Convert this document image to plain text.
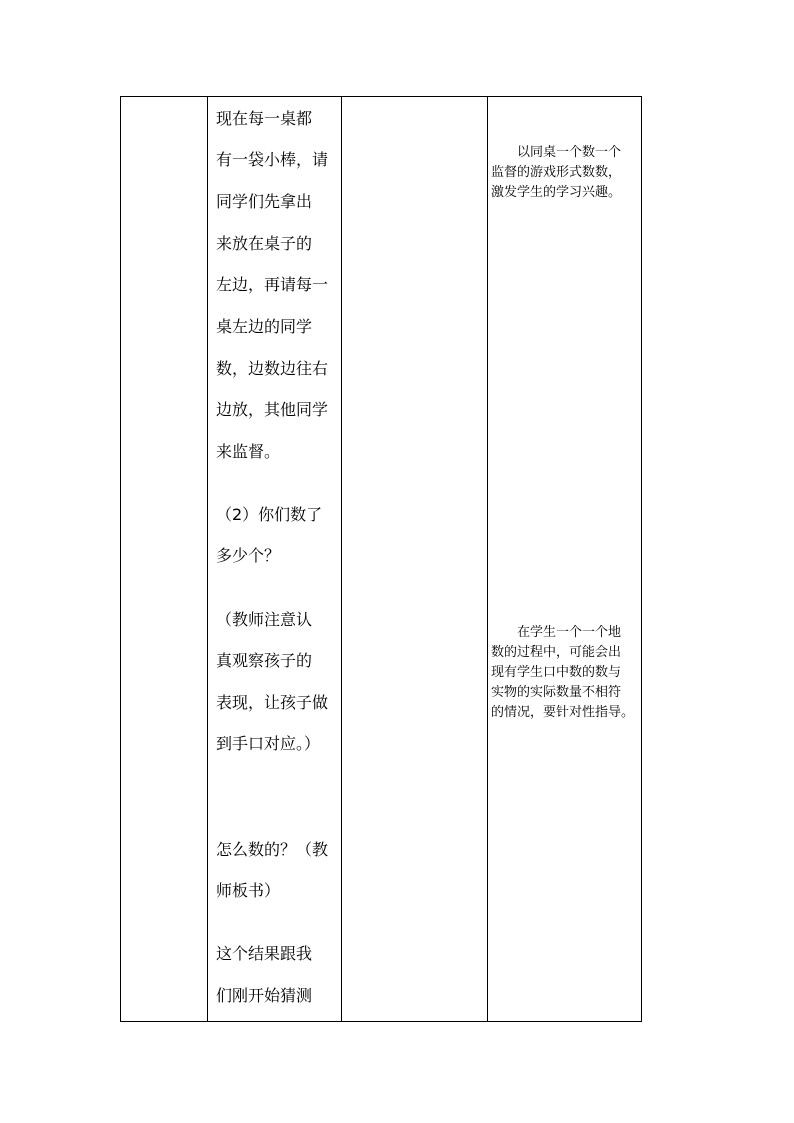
现在每一桌都
有一袋小棒，请
同学们先拿出
来放在桌子的
左边，再请每一
桌左边的同学
数，边数边往右
边放，其他同学
来监督。
（2）你们数了
多少个？
（教师注意认
真观察孩子的
表现，让孩子做
到手口对应。）
怎么数的？（教
师板书）
这个结果跟我
们刚开始猜测
以同桌一个数一个
监督的游戏形式数数，
激发学生的学习兴趣。
在学生一个一个地
数的过程中，可能会出
现有学生口中数的数与
实物的实际数量不相符
的情况，要针对性指导。
